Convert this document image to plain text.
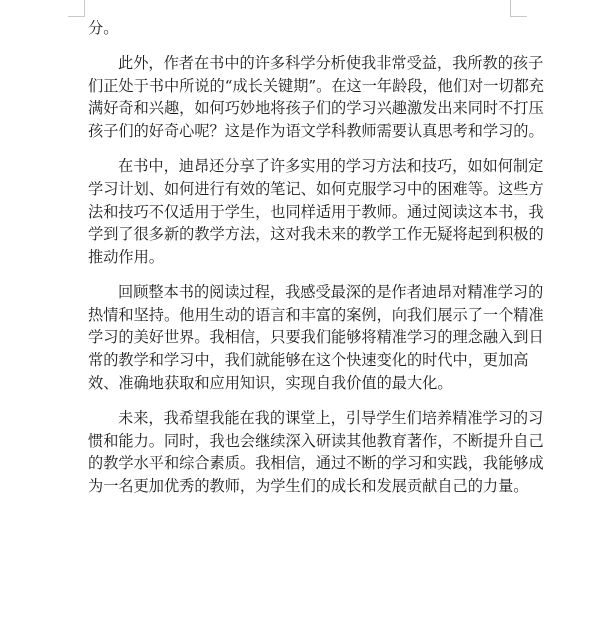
分。
此外，作者在书中的许多科学分析使我非常受益，我所教的孩子
们正处于书中所说的“成长关键期”。在这一年龄段，他们对一切都充
满好奇和兴趣，如何巧妙地将孩子们的学习兴趣激发出来同时不打压
孩子们的好奇心呢？这是作为语文学科教师需要认真思考和学习的。
在书中，迪昂还分享了许多实用的学习方法和技巧，如如何制定
学习计划、如何进行有效的笔记、如何克服学习中的困难等。这些方
法和技巧不仅适用于学生，也同样适用于教师。通过阅读这本书，我
学到了很多新的教学方法，这对我未来的教学工作无疑将起到积极的
推动作用。
回顾整本书的阅读过程，我感受最深的是作者迪昂对精准学习的
热情和坚持。他用生动的语言和丰富的案例，向我们展示了一个精准
学习的美好世界。我相信，只要我们能够将精准学习的理念融入到日
常的教学和学习中，我们就能够在这个快速变化的时代中，更加高
效、准确地获取和应用知识，实现自我价值的最大化。
未来，我希望我能在我的课堂上，引导学生们培养精准学习的习
惯和能力。同时，我也会继续深入研读其他教育著作，不断提升自己
的教学水平和综合素质。我相信，通过不断的学习和实践，我能够成
为一名更加优秀的教师，为学生们的成长和发展贡献自己的力量。
